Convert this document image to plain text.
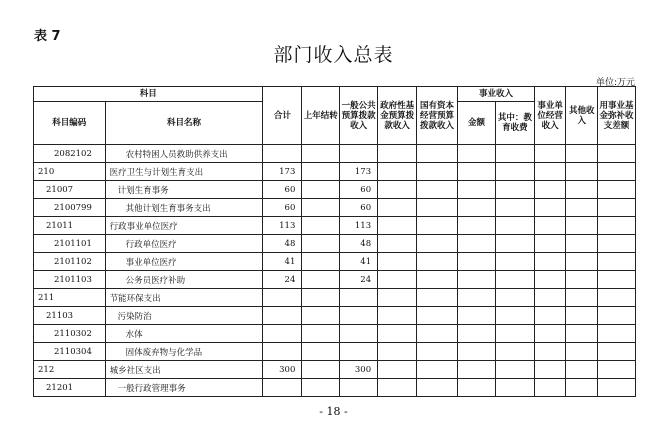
表 7
部门收入总表
单位:万元
科目		合计	上年结转	一般公共预算拨款收入	政府性基金预算拨款收入	国有资本经营预算拨款收入	事业收入		事业单位经营收入	其他收入	用事业基金弥补收支差额
科目编码	科目名称						金额	其中：教育收费			
2082102	农村特困人员救助供养支出										
210	医疗卫生与计划生育支出	173		173							
21007	计划生育事务	60		60							
2100799	其他计划生育事务支出	60		60							
21011	行政事业单位医疗	113		113							
2101101	行政单位医疗	48		48							
2101102	事业单位医疗	41		41							
2101103	公务员医疗补助	24		24							
211	节能环保支出										
21103	污染防治										
2110302	水体										
2110304	固体废弃物与化学品										
212	城乡社区支出	300		300							
21201	一般行政管理事务										
- 18 -
